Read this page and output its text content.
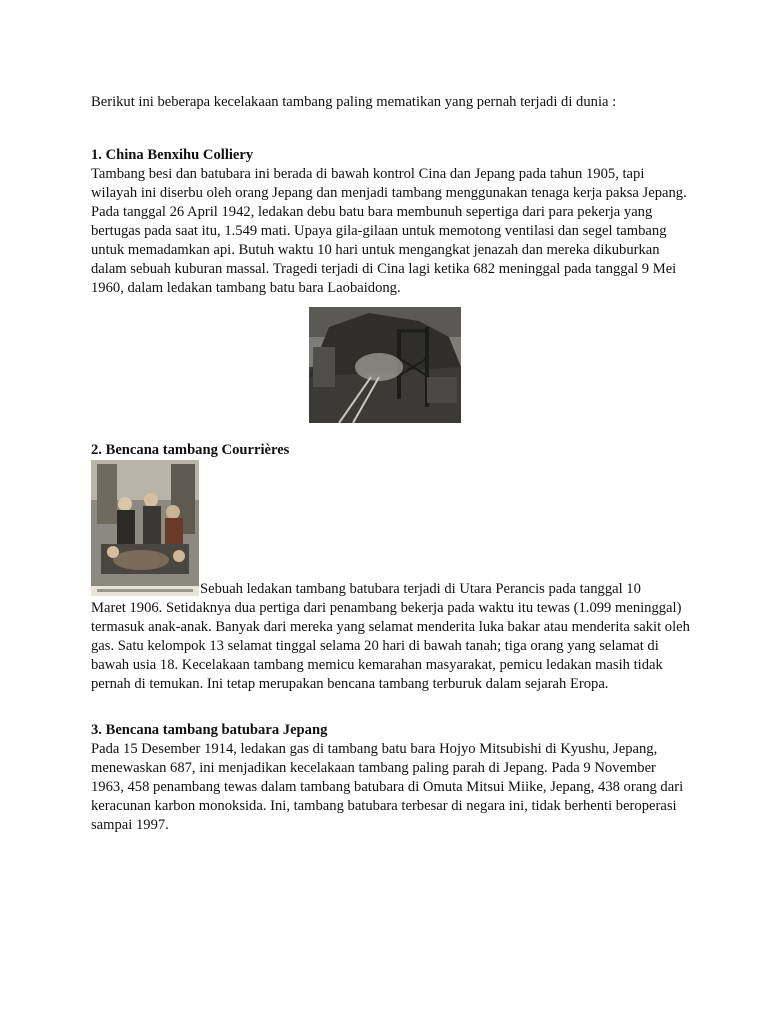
Berikut ini beberapa kecelakaan tambang paling mematikan yang pernah terjadi di dunia :

1. China Benxihu Colliery

Tambang besi dan batubara ini berada di bawah kontrol Cina dan Jepang pada tahun 1905, tapi wilayah ini diserbu oleh orang Jepang dan menjadi tambang menggunakan tenaga kerja paksa Jepang. Pada tanggal 26 April 1942, ledakan debu batu bara membunuh sepertiga dari para pekerja yang bertugas pada saat itu, 1.549 mati. Upaya gila-gilaan untuk memotong ventilasi dan segel tambang untuk memadamkan api. Butuh waktu 10 hari untuk mengangkat jenazah dan mereka dikuburkan dalam sebuah kuburan massal. Tragedi terjadi di Cina lagi ketika 682 meninggal pada tanggal 9 Mei 1960, dalam ledakan tambang batu bara Laobaidong.

2. Bencana tambang Courrières

Sebuah ledakan tambang batubara terjadi di Utara Perancis pada tanggal 10

Maret 1906. Setidaknya dua pertiga dari penambang bekerja pada waktu itu tewas (1.099 meninggal) termasuk anak-anak. Banyak dari mereka yang selamat menderita luka bakar atau menderita sakit oleh gas. Satu kelompok 13 selamat tinggal selama 20 hari di bawah tanah; tiga orang yang selamat di bawah usia 18. Kecelakaan tambang memicu kemarahan masyarakat, pemicu ledakan masih tidak pernah di temukan. Ini tetap merupakan bencana tambang terburuk dalam sejarah Eropa.

3. Bencana tambang batubara Jepang

Pada 15 Desember 1914, ledakan gas di tambang batu bara Hojyo Mitsubishi di Kyushu, Jepang, menewaskan 687, ini menjadikan kecelakaan tambang paling parah di Jepang. Pada 9 November 1963, 458 penambang tewas dalam tambang batubara di Omuta Mitsui Miike, Jepang, 438 orang dari keracunan karbon monoksida. Ini, tambang batubara terbesar di negara ini, tidak berhenti beroperasi sampai 1997.
